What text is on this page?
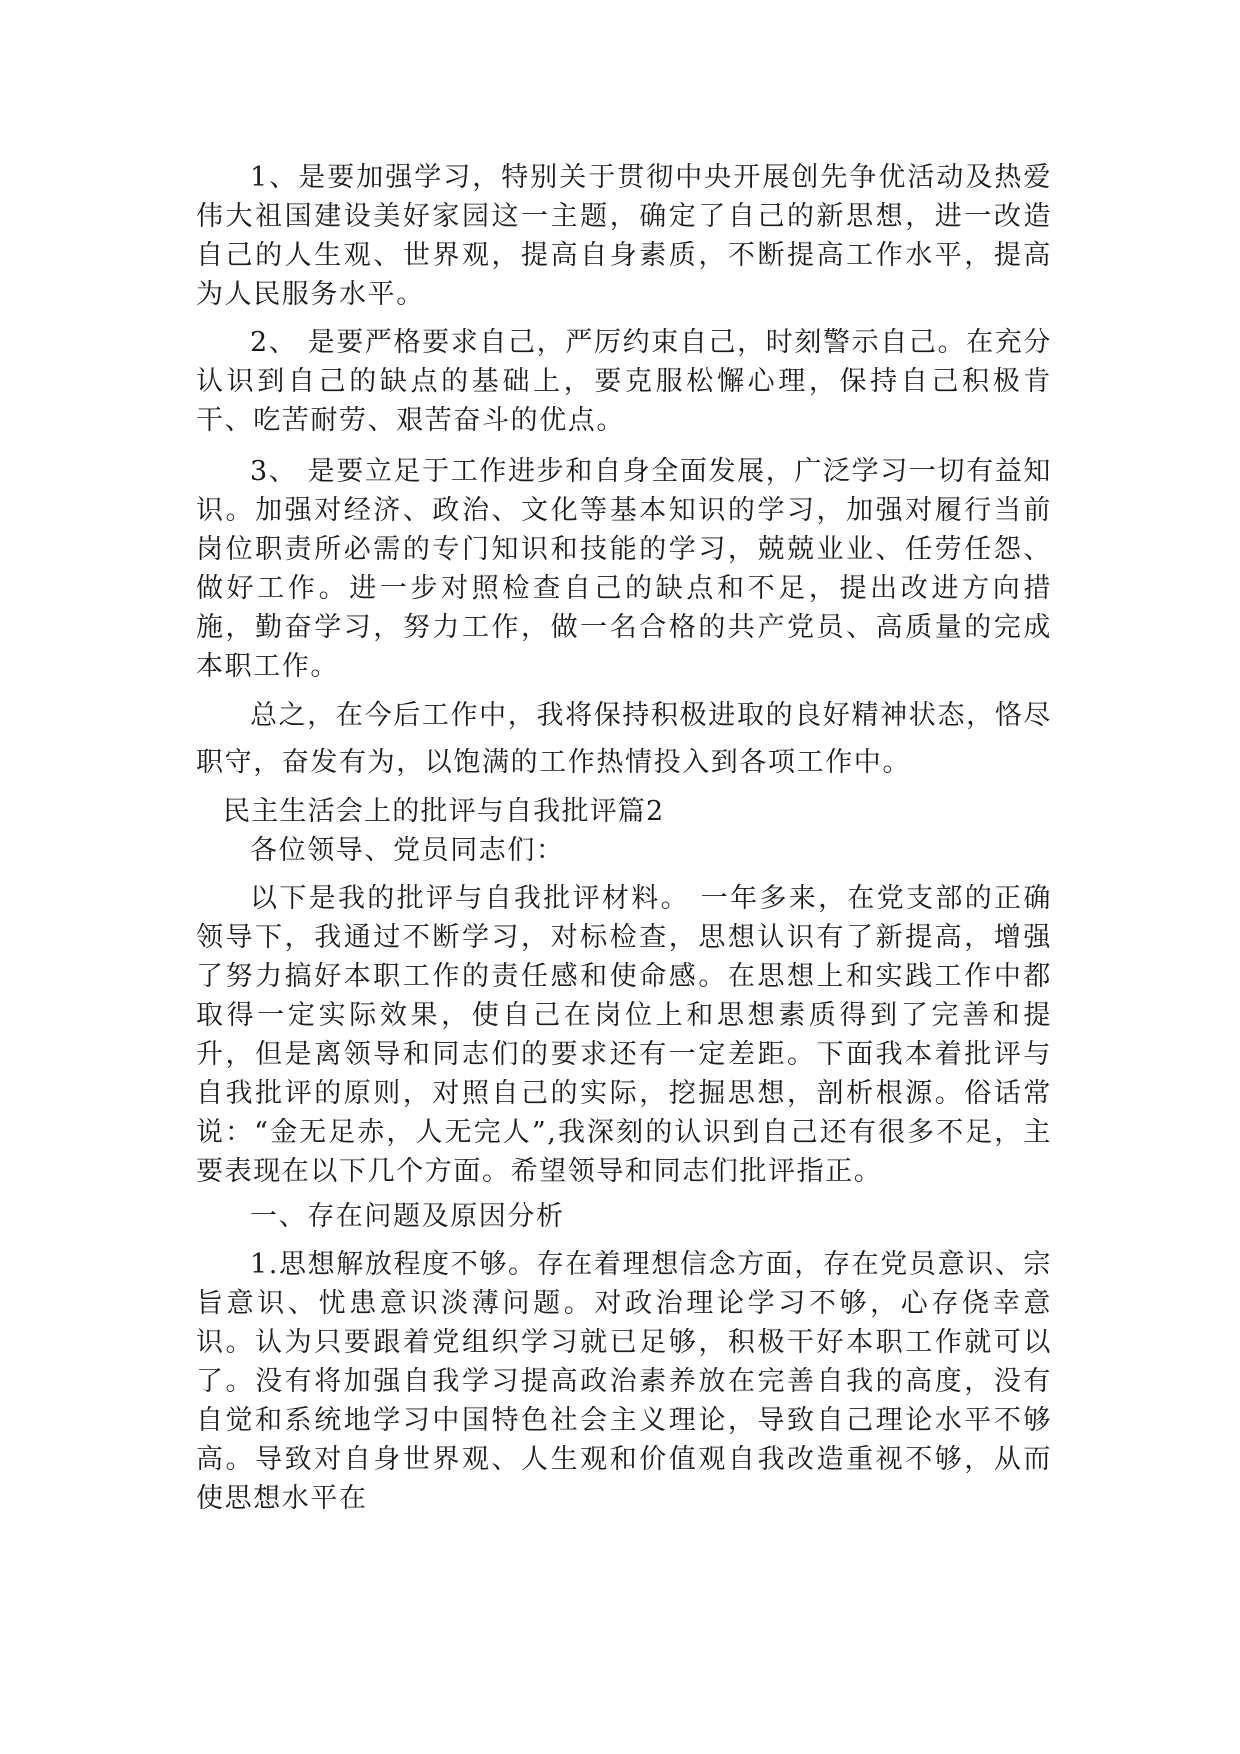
1、是要加强学习，特别关于贯彻中央开展创先争优活动及热爱伟大祖国建设美好家园这一主题，确定了自己的新思想，进一改造自己的人生观、世界观，提高自身素质，不断提高工作水平，提高为人民服务水平。

2、 是要严格要求自己，严厉约束自己，时刻警示自己。在充分认识到自己的缺点的基础上，要克服松懈心理，保持自己积极肯干、吃苦耐劳、艰苦奋斗的优点。

3、 是要立足于工作进步和自身全面发展，广泛学习一切有益知识。加强对经济、政治、文化等基本知识的学习，加强对履行当前岗位职责所必需的专门知识和技能的学习，兢兢业业、任劳任怨、做好工作。进一步对照检查自己的缺点和不足，提出改进方向措施，勤奋学习，努力工作，做一名合格的共产党员、高质量的完成本职工作。

总之，在今后工作中，我将保持积极进取的良好精神状态，恪尽职守，奋发有为，以饱满的工作热情投入到各项工作中。

民主生活会上的批评与自我批评篇2

各位领导、党员同志们：

以下是我的批评与自我批评材料。 一年多来，在党支部的正确领导下，我通过不断学习，对标检查，思想认识有了新提高，增强了努力搞好本职工作的责任感和使命感。在思想上和实践工作中都取得一定实际效果，使自己在岗位上和思想素质得到了完善和提升，但是离领导和同志们的要求还有一定差距。下面我本着批评与自我批评的原则，对照自己的实际，挖掘思想，剖析根源。俗话常说：“金无足赤，人无完人”,我深刻的认识到自己还有很多不足，主要表现在以下几个方面。希望领导和同志们批评指正。

一、存在问题及原因分析

1.思想解放程度不够。存在着理想信念方面，存在党员意识、宗旨意识、忧患意识淡薄问题。对政治理论学习不够，心存侥幸意识。认为只要跟着党组织学习就已足够，积极干好本职工作就可以了。没有将加强自我学习提高政治素养放在完善自我的高度，没有自觉和系统地学习中国特色社会主义理论，导致自己理论水平不够高。导致对自身世界观、人生观和价值观自我改造重视不够，从而使思想水平在
